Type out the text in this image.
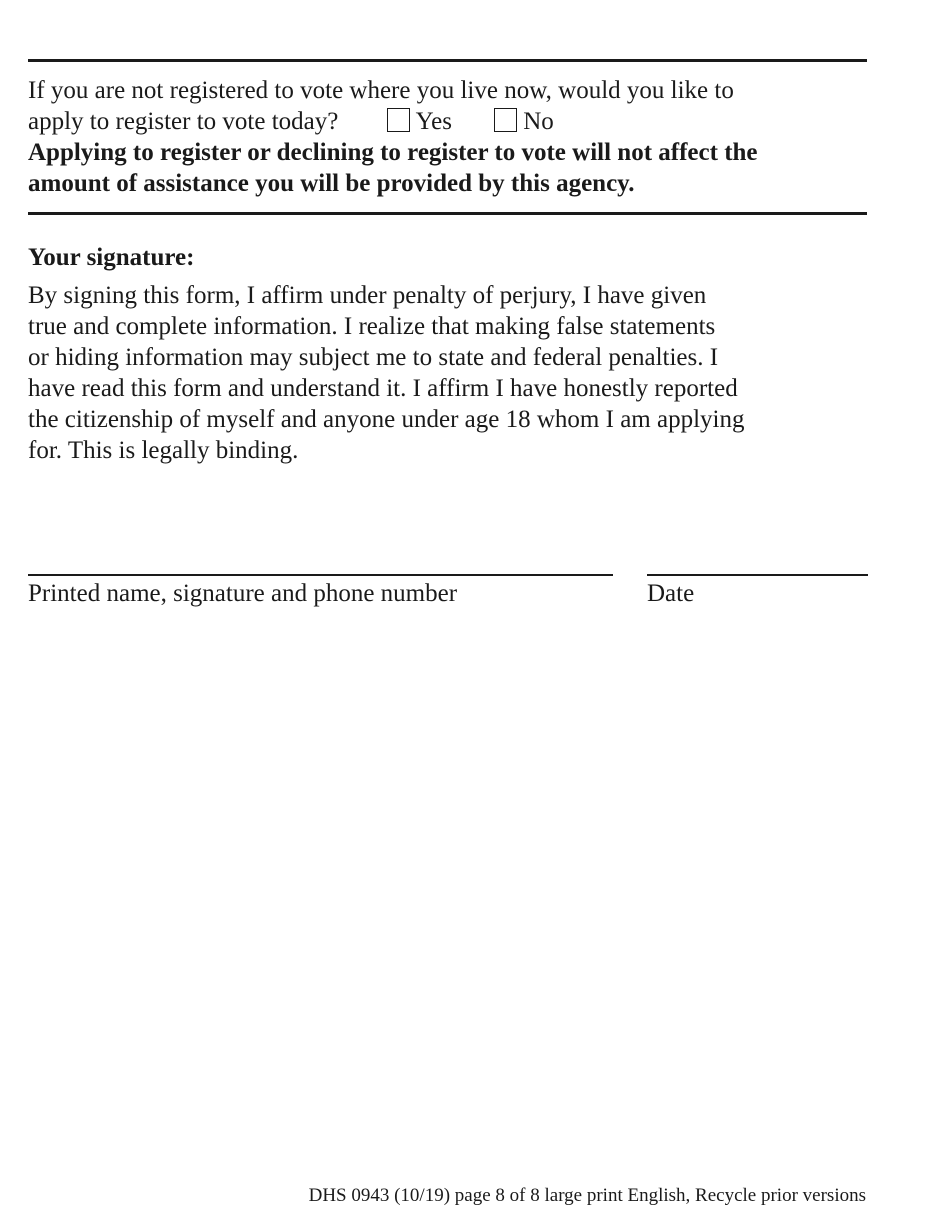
If you are not registered to vote where you live now, would you like to
apply to register to vote today?	Yes	No
Applying to register or declining to register to vote will not affect the
amount of assistance you will be provided by this agency.
Your signature:
By signing this form, I affirm under penalty of perjury, I have given
true and complete information. I realize that making false statements
or hiding information may subject me to state and federal penalties. I
have read this form and understand it. I affirm I have honestly reported
the citizenship of myself and anyone under age 18 whom I am applying
for. This is legally binding.
Printed name, signature and phone number	Date
DHS 0943 (10/19) page 8 of 8 large print English, Recycle prior versions
